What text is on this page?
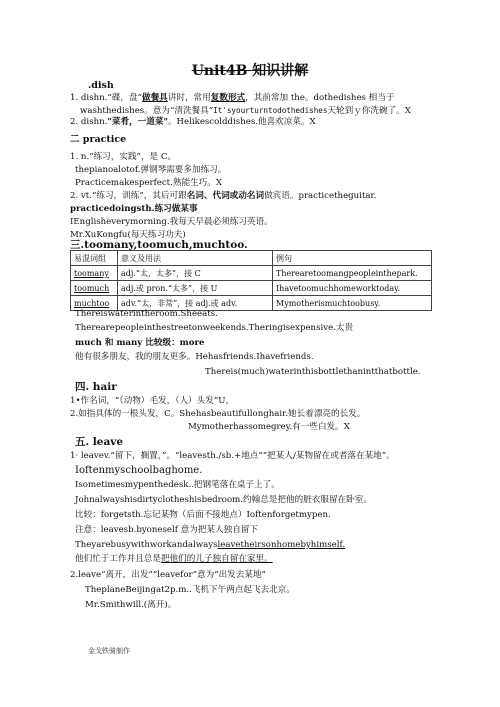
Unit4B 知识讲解
.dish
1. dishn.“碟，盘”做餐具讲时，常用复数形式，其前常加 the。dothedishes 相当于
washthedishes。意为“清洗餐具”It'syourturntodothedishes天轮到ｙ你洗碗了。X
2. dishn."菜肴，一道菜"。Helikescolddishes.他喜欢凉菜。X
二 practice
1. n.“练习，实践”，是 C。
thepianoalotof.弹钢琴需要多加练习。
Practicemakesperfect.熟能生巧。X
2. vt.“练习，训练”，其后可跟名词、代词或动名词做宾语。practicetheguitar.
practicedoingsth.练习做某事
IEnglisheverymorning.我每天早晨必须练习英语。
Mr.XuKongfu(每天练习功夫)
三.toomany,toomuch,muchtoo.
易混词组	意义及用法	例句
toomany	adj.“太，太多”，接 C	Therearetoomangpeopleinthepark.
toomuch	adj.或 pron.“太多”，接 U	Ihavetoomuchhomeworktoday.
muchtoo	adv.“太，非常”，接 adj.或 adv.	Mymotherismuchtoobusy.
Thereiswaterintheroom.Sheeats.
Therearepeopleinthestreetonweekends.Theringisexpensive.太贵
much 和 many 比较级：more
他有很多朋友，我的朋友更多。Hehasfriends.Ihavefriends.
Thereis(much)waterinthisbottlethanintthatbottle.
四. hair
1•作名词，“（动物）毛发，（人）头发”U，
2.如指具体的一根头发，C。Shehasbeautifullonghair.她长着漂亮的长发。
Mymotherhassomegrey.有一些白发。X
五. leave
1· leavev.“留下，搁置，”。“leavesth./sb.+地点”“把某人/某物留在或者落在某地”。
Ioftenmyschoolbaghome.
Isometimesmypenthedesk..把钢笔落在桌子上了。
Johnalwayshisdirtyclotheshisbedroom.约翰总是把他的脏衣服留在卧室。
比较：forgetsth.忘记某物（后面不接地点）Ioftenforgetmypen.
注意：leavesb.byoneself 意为把某人独自留下
Theyarebusywithworkandalwaysleavetheirsonhomebyhimself.
他们忙于工作并且总是把他们的儿子独自留在家里。
2.leave“离开，出发”“leavefor”意为“出发去某地”
TheplaneBeijingat2p.m..飞机下午两点起飞去北京。
Mr.Smithwill.(离开)。
金戈铁骑制作
